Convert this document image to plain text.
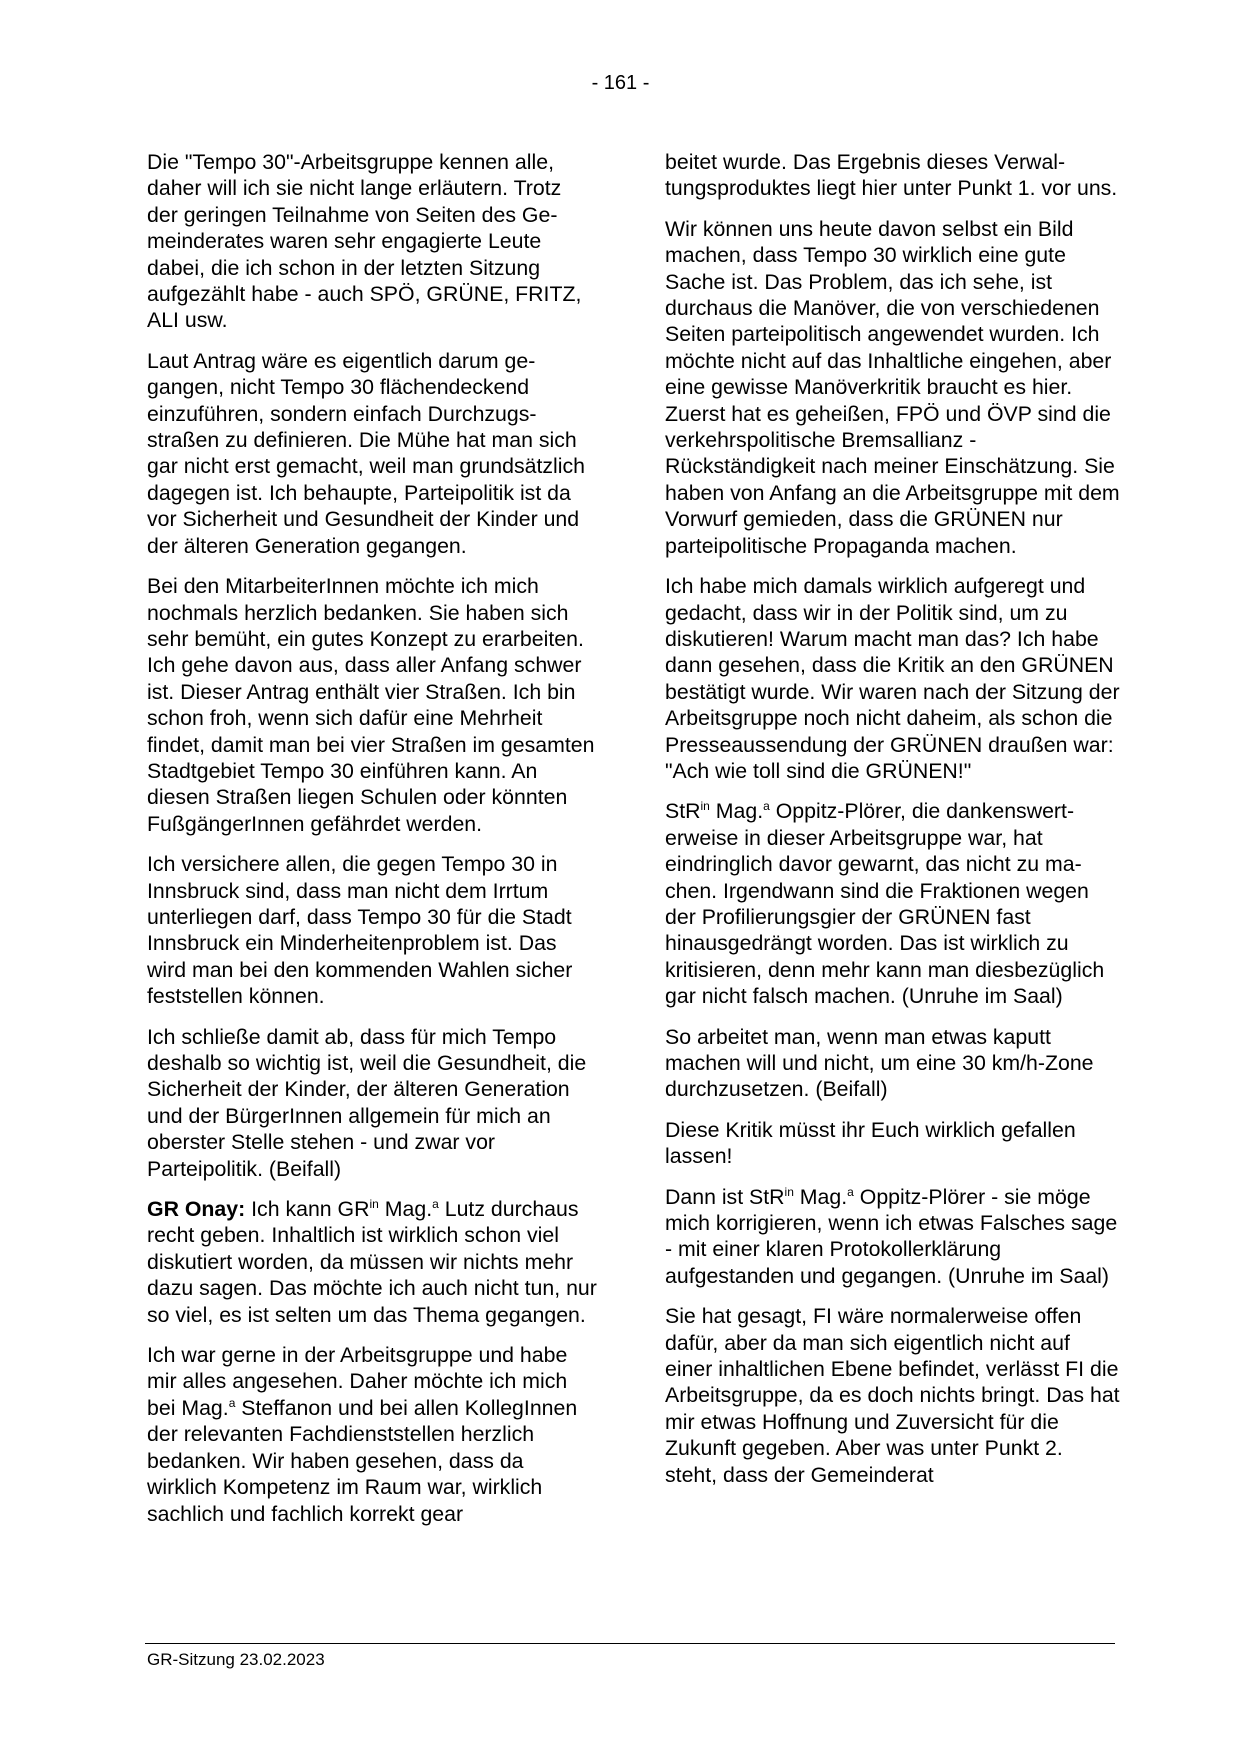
- 161 -

Die "Tempo 30"-Arbeitsgruppe kennen alle, daher will ich sie nicht lange erläutern. Trotz der geringen Teilnahme von Seiten des Gemeinderates waren sehr engagierte Leute dabei, die ich schon in der letzten Sitzung aufgezählt habe - auch SPÖ, GRÜNE, FRITZ, ALI usw.

Laut Antrag wäre es eigentlich darum gegangen, nicht Tempo 30 flächendeckend einzuführen, sondern einfach Durchzugsstraßen zu definieren. Die Mühe hat man sich gar nicht erst gemacht, weil man grundsätzlich dagegen ist. Ich behaupte, Parteipolitik ist da vor Sicherheit und Gesundheit der Kinder und der älteren Generation gegangen.

Bei den MitarbeiterInnen möchte ich mich nochmals herzlich bedanken. Sie haben sich sehr bemüht, ein gutes Konzept zu erarbeiten. Ich gehe davon aus, dass aller Anfang schwer ist. Dieser Antrag enthält vier Straßen. Ich bin schon froh, wenn sich dafür eine Mehrheit findet, damit man bei vier Straßen im gesamten Stadtgebiet Tempo 30 einführen kann. An diesen Straßen liegen Schulen oder könnten FußgängerInnen gefährdet werden.

Ich versichere allen, die gegen Tempo 30 in Innsbruck sind, dass man nicht dem Irrtum unterliegen darf, dass Tempo 30 für die Stadt Innsbruck ein Minderheitenproblem ist. Das wird man bei den kommenden Wahlen sicher feststellen können.

Ich schließe damit ab, dass für mich Tempo deshalb so wichtig ist, weil die Gesundheit, die Sicherheit der Kinder, der älteren Generation und der BürgerInnen allgemein für mich an oberster Stelle stehen - und zwar vor Parteipolitik. (Beifall)

GR Onay: Ich kann $GR^{in}$ Mag.$^a$ Lutz durchaus recht geben. Inhaltlich ist wirklich schon viel diskutiert worden, da müssen wir nichts mehr dazu sagen. Das möchte ich auch nicht tun, nur so viel, es ist selten um das Thema gegangen.

Ich war gerne in der Arbeitsgruppe und habe mir alles angesehen. Daher möchte ich mich bei Mag.$^a$ Steffanon und bei allen KollegInnen der relevanten Fachdienststellen herzlich bedanken. Wir haben gesehen, dass da wirklich Kompetenz im Raum war, wirklich sachlich und fachlich korrekt gear

beitet wurde. Das Ergebnis dieses Verwaltungsproduktes liegt hier unter Punkt 1. vor uns.

Wir können uns heute davon selbst ein Bild machen, dass Tempo 30 wirklich eine gute Sache ist. Das Problem, das ich sehe, ist durchaus die Manöver, die von verschiedenen Seiten parteipolitisch angewendet wurden. Ich möchte nicht auf das Inhaltliche eingehen, aber eine gewisse Manöverkritik braucht es hier. Zuerst hat es geheißen, FPÖ und ÖVP sind die verkehrspolitische Bremsallianz - Rückständigkeit nach meiner Einschätzung. Sie haben von Anfang an die Arbeitsgruppe mit dem Vorwurf gemieden, dass die GRÜNEN nur parteipolitische Propaganda machen.

Ich habe mich damals wirklich aufgeregt und gedacht, dass wir in der Politik sind, um zu diskutieren! Warum macht man das? Ich habe dann gesehen, dass die Kritik an den GRÜNEN bestätigt wurde. Wir waren nach der Sitzung der Arbeitsgruppe noch nicht daheim, als schon die Presseaussendung der GRÜNEN draußen war: "Ach wie toll sind die GRÜNEN!"

StR$^{in}$ Mag.$^a$ Oppitz-Plörer, die dankenswerterweise in dieser Arbeitsgruppe war, hat eindringlich davor gewarnt, das nicht zu machen. Irgendwann sind die Fraktionen wegen der Profilierungsgier der GRÜNEN fast hinausgedrängt worden. Das ist wirklich zu kritisieren, denn mehr kann man diesbezüglich gar nicht falsch machen. (Unruhe im Saal)

So arbeitet man, wenn man etwas kaputt machen will und nicht, um eine 30 km/h-Zone durchzusetzen. (Beifall)

Diese Kritik müsst ihr Euch wirklich gefallen lassen!

Dann ist StR$^{in}$ Mag.$^a$ Oppitz-Plörer - sie möge mich korrigieren, wenn ich etwas Falsches sage - mit einer klaren Protokollerklärung aufgestanden und gegangen. (Unruhe im Saal)

Sie hat gesagt, FI wäre normalerweise offen dafür, aber da man sich eigentlich nicht auf einer inhaltlichen Ebene befindet, verlässt FI die Arbeitsgruppe, da es doch nichts bringt. Das hat mir etwas Hoffnung und Zuversicht für die Zukunft gegeben. Aber was unter Punkt 2. steht, dass der Gemeinderat

GR-Sitzung 23.02.2023
